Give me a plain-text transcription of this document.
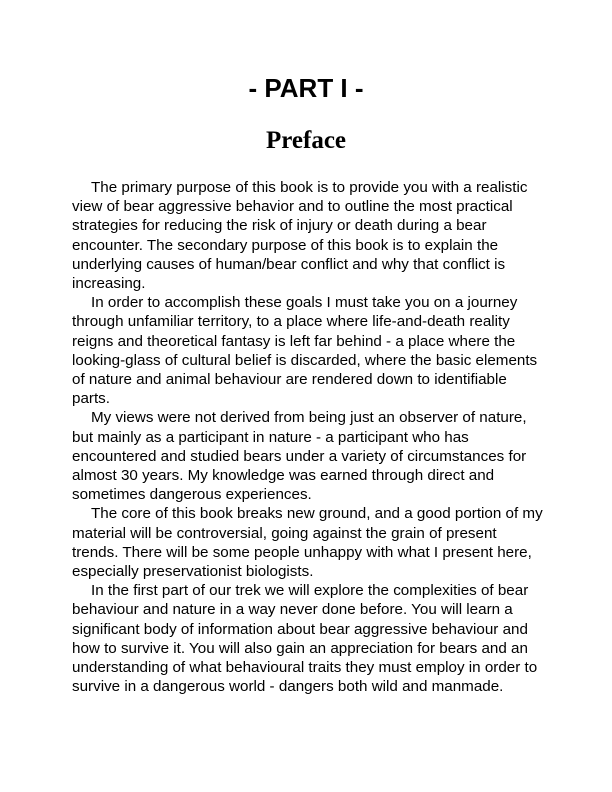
- PART I -
Preface

The primary purpose of this book is to provide you with a realistic view of bear aggressive behavior and to outline the most practical strategies for reducing the risk of injury or death during a bear encounter. The secondary purpose of this book is to explain the underlying causes of human/bear conflict and why that conflict is increasing.

In order to accomplish these goals I must take you on a journey through unfamiliar territory, to a place where life-and-death reality reigns and theoretical fantasy is left far behind - a place where the looking-glass of cultural belief is discarded, where the basic elements of nature and animal behaviour are rendered down to identifiable parts.

My views were not derived from being just an observer of nature, but mainly as a participant in nature - a participant who has encountered and studied bears under a variety of circumstances for almost 30 years. My knowledge was earned through direct and sometimes dangerous experiences.

The core of this book breaks new ground, and a good portion of my material will be controversial, going against the grain of present trends. There will be some people unhappy with what I present here, especially preservationist biologists.

In the first part of our trek we will explore the complexities of bear behaviour and nature in a way never done before. You will learn a significant body of information about bear aggressive behaviour and how to survive it. You will also gain an appreciation for bears and an understanding of what behavioural traits they must employ in order to survive in a dangerous world - dangers both wild and manmade.
